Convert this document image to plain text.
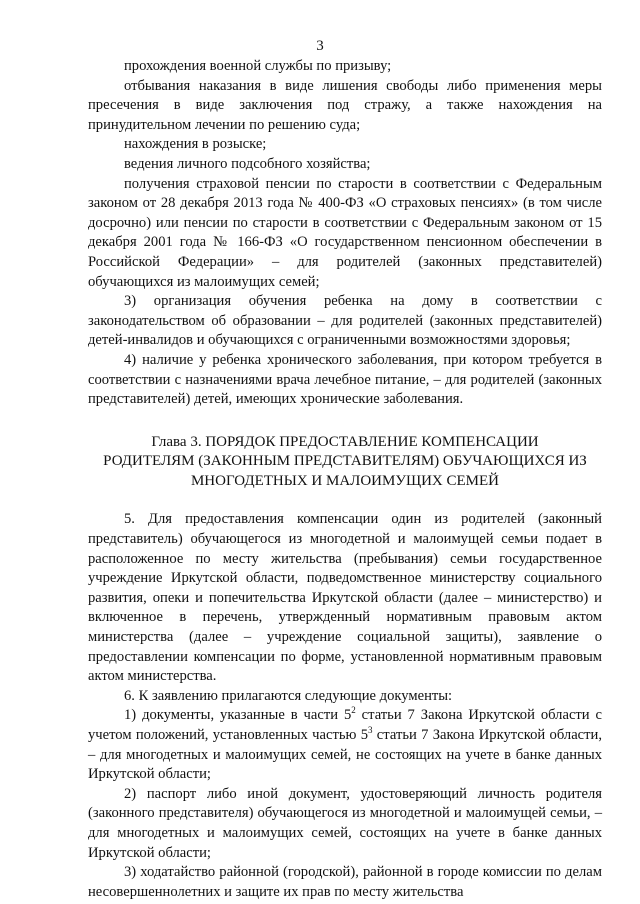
3

прохождения военной службы по призыву;

отбывания наказания в виде лишения свободы либо применения меры пресечения в виде заключения под стражу, а также нахождения на принудительном лечении по решению суда;

нахождения в розыске;

ведения личного подсобного хозяйства;

получения страховой пенсии по старости в соответствии с Федеральным законом от 28 декабря 2013 года № 400-ФЗ «О страховых пенсиях» (в том числе досрочно) или пенсии по старости в соответствии с Федеральным законом от 15 декабря 2001 года № 166-ФЗ «О государственном пенсионном обеспечении в Российской Федерации» – для родителей (законных представителей) обучающихся из малоимущих семей;

3) организация обучения ребенка на дому в соответствии с законодательством об образовании – для родителей (законных представителей) детей-инвалидов и обучающихся с ограниченными возможностями здоровья;

4) наличие у ребенка хронического заболевания, при котором требуется в соответствии с назначениями врача лечебное питание, – для родителей (законных представителей) детей, имеющих хронические заболевания.

Глава 3. ПОРЯДОК ПРЕДОСТАВЛЕНИЕ КОМПЕНСАЦИИ
РОДИТЕЛЯМ (ЗАКОННЫМ ПРЕДСТАВИТЕЛЯМ) ОБУЧАЮЩИХСЯ ИЗ
МНОГОДЕТНЫХ И МАЛОИМУЩИХ СЕМЕЙ

5. Для предоставления компенсации один из родителей (законный представитель) обучающегося из многодетной и малоимущей семьи подает в расположенное по месту жительства (пребывания) семьи государственное учреждение Иркутской области, подведомственное министерству социального развития, опеки и попечительства Иркутской области (далее – министерство) и включенное в перечень, утвержденный нормативным правовым актом министерства (далее – учреждение социальной защиты), заявление о предоставлении компенсации по форме, установленной нормативным правовым актом министерства.

6. К заявлению прилагаются следующие документы:

1) документы, указанные в части $5^2$ статьи 7 Закона Иркутской области с учетом положений, установленных частью $5^3$ статьи 7 Закона Иркутской области, – для многодетных и малоимущих семей, не состоящих на учете в банке данных Иркутской области;

2) паспорт либо иной документ, удостоверяющий личность родителя (законного представителя) обучающегося из многодетной и малоимущей семьи, – для многодетных и малоимущих семей, состоящих на учете в банке данных Иркутской области;

3) ходатайство районной (городской), районной в городе комиссии по делам несовершеннолетних и защите их прав по месту жительства
